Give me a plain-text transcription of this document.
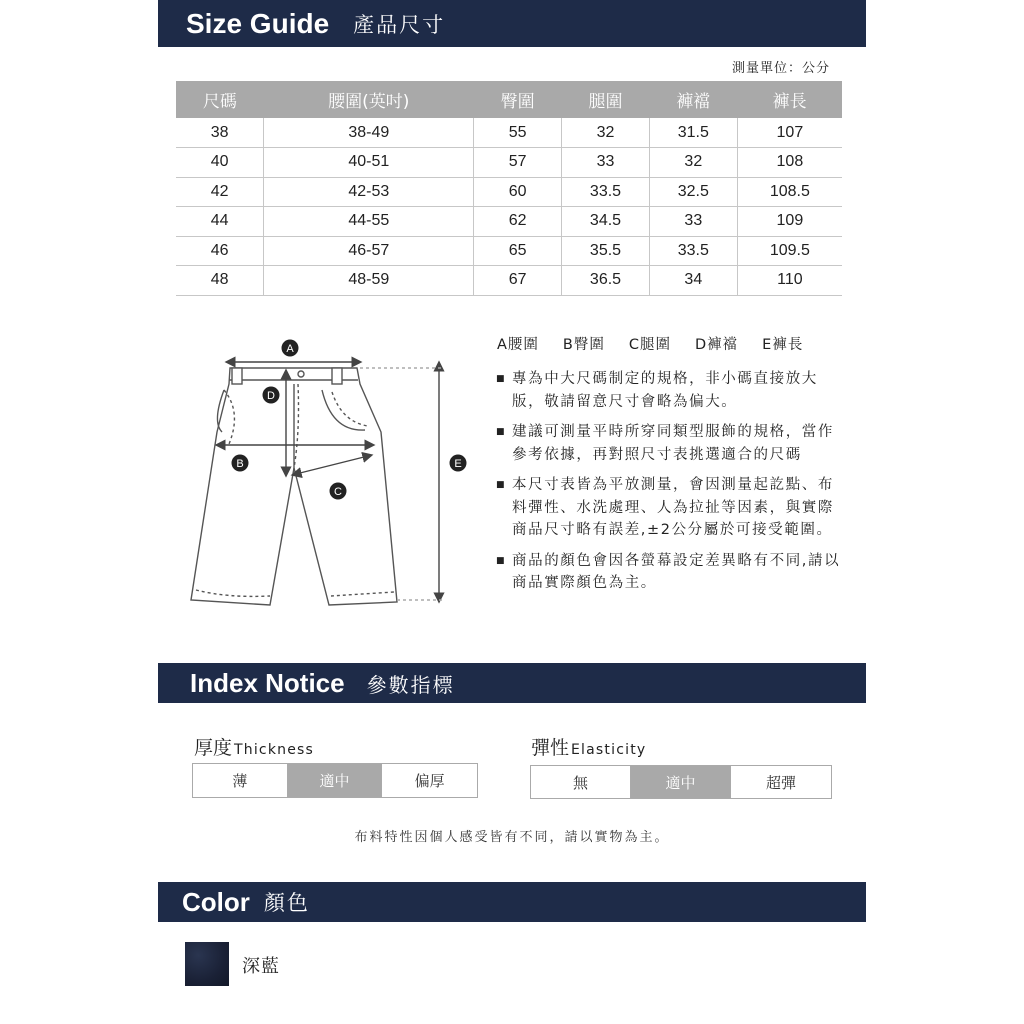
Size Guide 產品尺寸
測量單位：公分
尺碼	腰圍(英吋)	臀圍	腿圍	褲襠	褲長
38	38-49	55	32	31.5	107
40	40-51	57	33	32	108
42	42-53	60	33.5	32.5	108.5
44	44-55	62	34.5	33	109
46	46-57	65	35.5	33.5	109.5
48	48-59	67	36.5	34	110
A
B
C
D
E
A腰圍 B臀圍 C腿圍 D褲襠 E褲長
■ 專為中大尺碼制定的規格，非小碼直接放大版，敬請留意尺寸會略為偏大。
■ 建議可測量平時所穿同類型服飾的規格，當作參考依據，再對照尺寸表挑選適合的尺碼
■ 本尺寸表皆為平放測量，會因測量起訖點、布料彈性、水洗處理、人為拉扯等因素，與實際商品尺寸略有誤差,±2公分屬於可接受範圍。
■ 商品的顏色會因各螢幕設定差異略有不同,請以商品實際顏色為主。
Index Notice 參數指標
厚度 Thickness
薄	適中	偏厚
彈性 Elasticity
無	適中	超彈
布料特性因個人感受皆有不同，請以實物為主。
Color 顏色
深藍
